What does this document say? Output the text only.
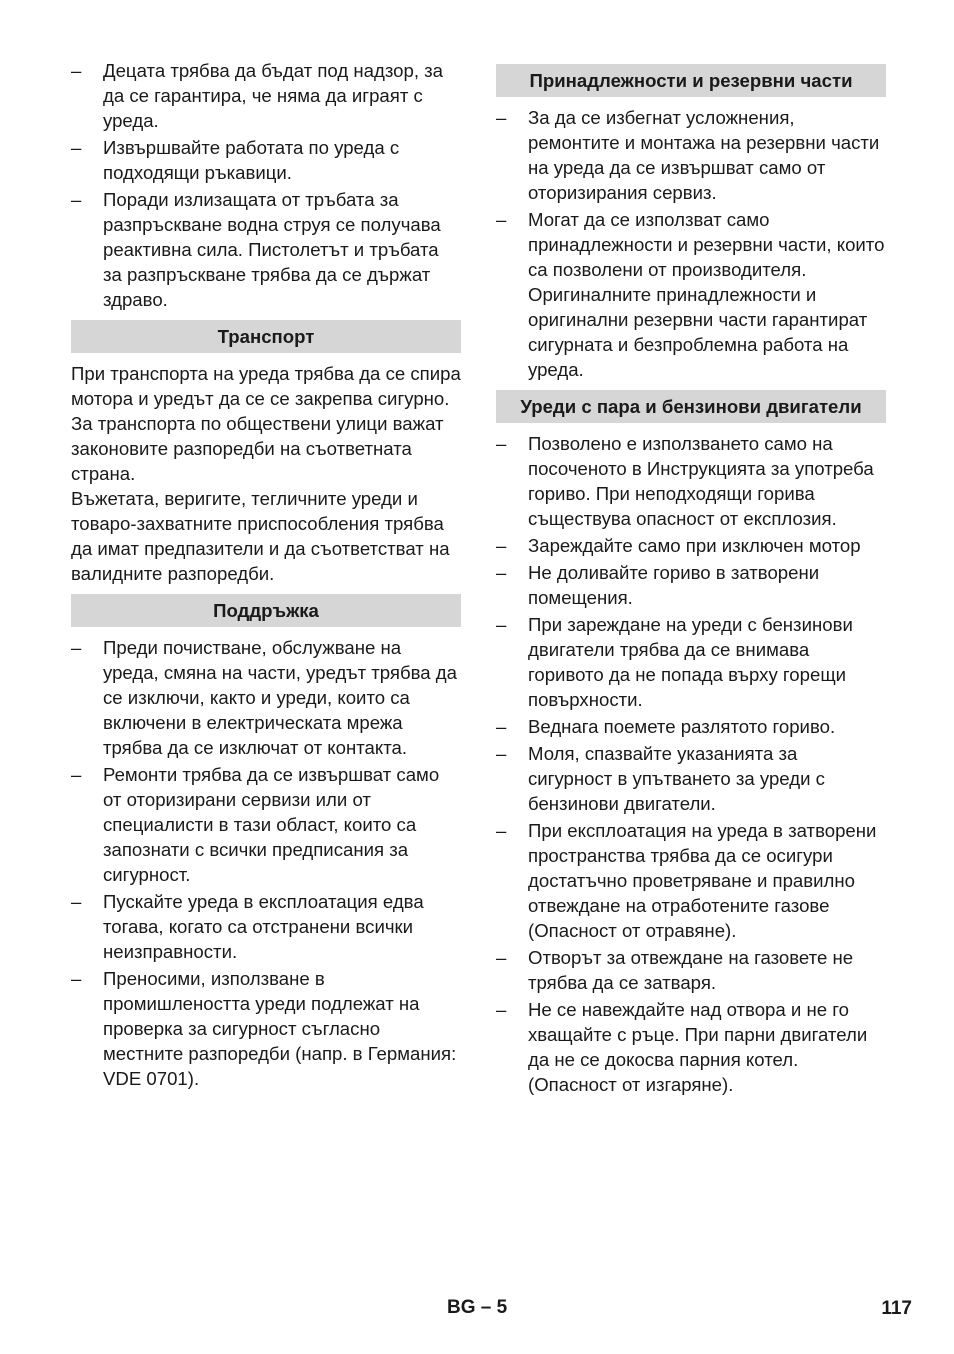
– Децата трябва да бъдат под надзор, за да се гарантира, че няма да играят с уреда.
– Извършвайте работата по уреда с подходящи ръкавици.
– Поради излизащата от тръбата за разпръскване водна струя се получава реактивна сила. Пистолетът и тръбата за разпръскване трябва да се държат здраво.
Транспорт

При транспорта на уреда трябва да се спира мотора и уредът да се се закрепва сигурно.

За транспорта по обществени улици важат законовите разпоредби на съответната страна.

Въжетата, веригите, тегличните уреди и товаро-захватните приспособления трябва да имат предпазители и да съответстват на валидните разпоредби.

Поддръжка
– Преди почистване, обслужване на уреда, смяна на части, уредът трябва да се изключи, както и уреди, които са включени в електрическата мрежа трябва да се изключат от контакта.
– Ремонти трябва да се извършват само от оторизирани сервизи или от специалисти в тази област, които са запознати с всички предписания за сигурност.
– Пускайте уреда в експлоатация едва тогава, когато са отстранени всички неизправности.
– Преносими, използване в промишлеността уреди подлежат на проверка за сигурност съгласно местните разпоредби (напр. в Германия: VDE 0701).
Принадлежности и резервни части
– За да се избегнат усложнения, ремонтите и монтажа на резервни части на уреда да се извършват само от оторизирания сервиз.
– Могат да се използват само принадлежности и резервни части, които са позволени от производителя. Оригиналните принадлежности и оригинални резервни части гарантират сигурната и безпроблемна работа на уреда.
Уреди с пара и бензинови двигатели
– Позволено е използването само на посоченото в Инструкцията за употреба гориво. При неподходящи горива съществува опасност от експлозия.
– Зареждайте само при изключен мотор
– Не доливайте гориво в затворени помещения.
– При зареждане на уреди с бензинови двигатели трябва да се внимава горивото да не попада върху горещи повърхности.
– Веднага поемете разлятото гориво.
– Моля, спазвайте указанията за сигурност в упътването за уреди с бензинови двигатели.
– При експлоатация на уреда в затворени пространства трябва да се осигури достатъчно проветряване и правилно отвеждане на отработените газове (Опасност от отравяне).
– Отворът за отвеждане на газовете не трябва да се затваря.
– Не се навеждайте над отвора и не го хващайте с ръце. При парни двигатели да не се докосва парния котел. (Опасност от изгаряне).
BG – 5	117
